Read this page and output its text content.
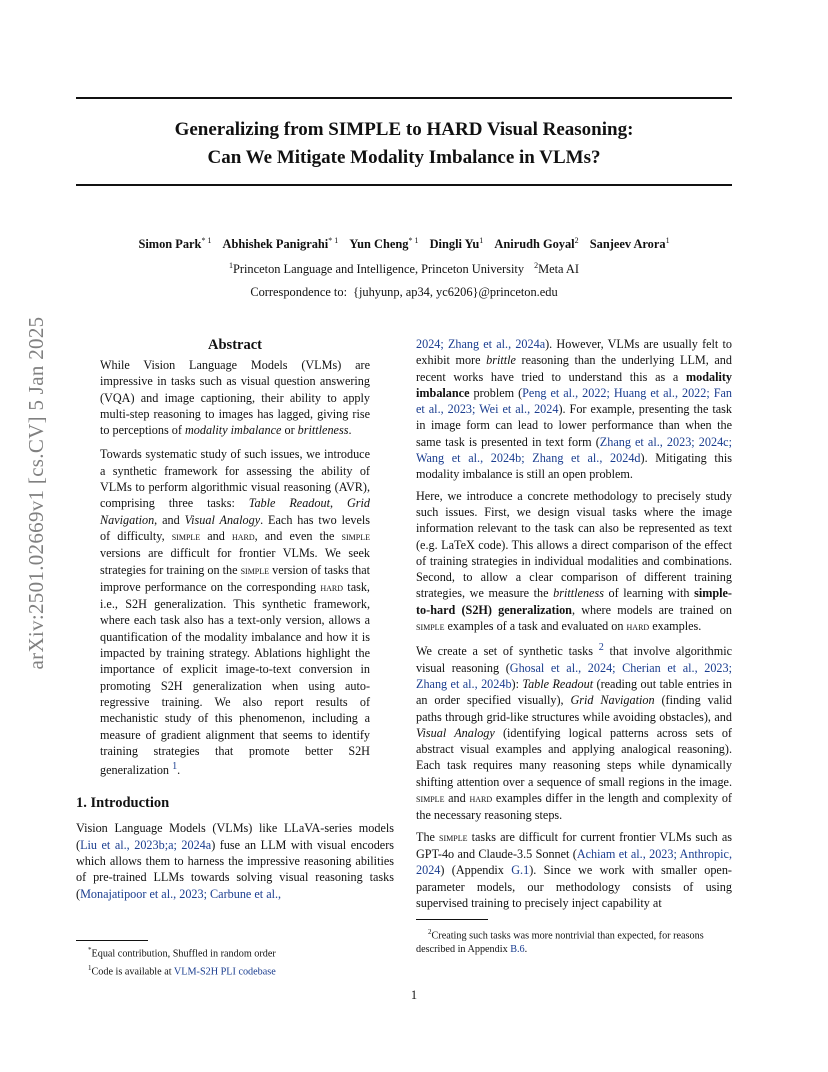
Generalizing from SIMPLE to HARD Visual Reasoning:
Can We Mitigate Modality Imbalance in VLMs?
Simon Park$^{* 1}$ Abhishek Panigrahi$^{* 1}$ Yun Cheng$^{* 1}$ Dingli Yu$^1$ Anirudh Goyal$^2$ Sanjeev Arora$^1$
$^1$Princeton Language and Intelligence, Princeton University $^2$Meta AI
Correspondence to: {juhyunp, ap34, yc6206}@princeton.edu
arXiv:2501.02669v1 [cs.CV] 5 Jan 2025	Abstract

While Vision Language Models (VLMs) are impressive in tasks such as visual question answering (VQA) and image captioning, their ability to apply multi-step reasoning to images has lagged, giving rise to perceptions of modality imbalance or brittleness.

Towards systematic study of such issues, we introduce a synthetic framework for assessing the ability of VLMs to perform algorithmic visual reasoning (AVR), comprising three tasks: Table Readout, Grid Navigation, and Visual Analogy. Each has two levels of difficulty, simple and hard, and even the simple versions are difficult for frontier VLMs. We seek strategies for training on the simple version of tasks that improve performance on the corresponding hard task, i.e., S2H generalization. This synthetic framework, where each task also has a text-only version, allows a quantification of the modality imbalance and how it is impacted by training strategy. Ablations highlight the importance of explicit image-to-text conversion in promoting S2H generalization when using auto-regressive training. We also report results of mechanistic study of this phenomenon, including a measure of gradient alignment that seems to identify training strategies that promote better S2H generalization $^1$.

1. Introduction

Vision Language Models (VLMs) like LLaVA-series models (Liu et al., 2023b;a; 2024a) fuse an LLM with visual encoders which allows them to harness the impressive reasoning abilities of pre-trained LLMs towards solving visual reasoning tasks (Monajatipoor et al., 2023; Carbune et al.,

2024; Zhang et al., 2024a). However, VLMs are usually felt to exhibit more brittle reasoning than the underlying LLM, and recent works have tried to understand this as a modality imbalance problem (Peng et al., 2022; Huang et al., 2022; Fan et al., 2023; Wei et al., 2024). For example, presenting the task in image form can lead to lower performance than when the same task is presented in text form (Zhang et al., 2023; 2024c; Wang et al., 2024b; Zhang et al., 2024d). Mitigating this modality imbalance is still an open problem.

Here, we introduce a concrete methodology to precisely study such issues. First, we design visual tasks where the image information relevant to the task can also be represented as text (e.g. LaTeX code). This allows a direct comparison of the effect of training strategies in individual modalities and combinations. Second, to allow a clear comparison of different training strategies, we measure the brittleness of learning with simple-to-hard (S2H) generalization, where models are trained on simple examples of a task and evaluated on hard examples.

We create a set of synthetic tasks $^2$ that involve algorithmic visual reasoning (Ghosal et al., 2024; Cherian et al., 2023; Zhang et al., 2024b): Table Readout (reading out table entries in an order specified visually), Grid Navigation (finding valid paths through grid-like structures while avoiding obstacles), and Visual Analogy (identifying logical patterns across sets of abstract visual examples and applying analogical reasoning). Each task requires many reasoning steps while dynamically shifting attention over a sequence of small regions in the image. simple and hard examples differ in the length and complexity of the necessary reasoning steps.

The simple tasks are difficult for current frontier VLMs such as GPT-4o and Claude-3.5 Sonnet (Achiam et al., 2023; Anthropic, 2024) (Appendix G.1). Since we work with smaller open-parameter models, our methodology consists of using supervised training to precisely inject capability at

*Equal contribution, Shuffled in random order
$^1$Code is available at VLM-S2H PLI codebase
$^2$Creating such tasks was more nontrivial than expected, for reasons described in Appendix B.6.
1
